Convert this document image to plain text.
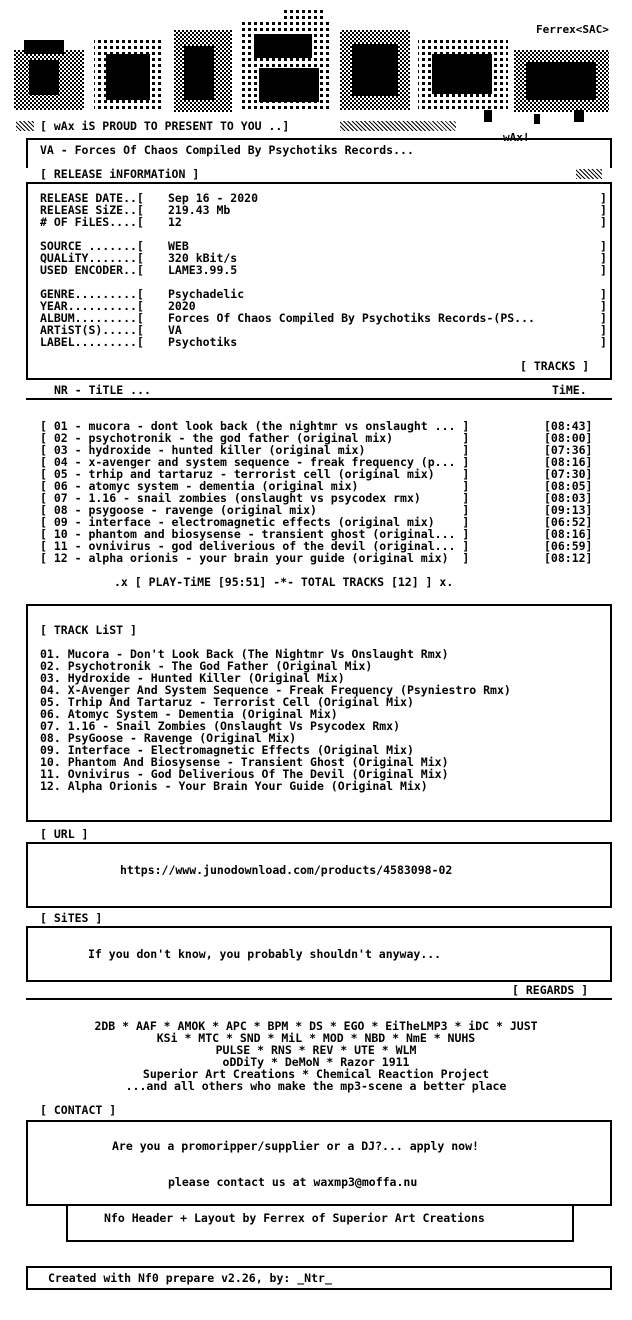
Ferrex<SAC>
[ wAx iS PROUD TO PRESENT TO YOU ..]
wAx!
VA - Forces Of Chaos Compiled By Psychotiks Records...
[ RELEASE iNFORMATiON ]
RELEASE DATE..[ Sep 16 - 2020	]
RELEASE SiZE..[ 219.43 Mb	]
# OF FiLES....[ 12	]
SOURCE .......[ WEB	]
QUALiTY.......[ 320 kBit/s	]
USED ENCODER..[ LAME3.99.5	]
GENRE.........[ Psychadelic	]
YEAR..........[ 2020	]
ALBUM.........[ Forces Of Chaos Compiled By Psychotiks Records-(PS...	]
ARTiST(S).....[ VA	]
LABEL.........[ Psychotiks	]
[ TRACKS ]
NR - TiTLE ...	TiME.
[ 01 - mucora - dont look back (the nightmr vs onslaught ... ]	[08:43]
[ 02 - psychotronik - the god father (original mix)          ]	[08:00]
[ 03 - hydroxide - hunted killer (original mix)              ]	[07:36]
[ 04 - x-avenger and system sequence - freak frequency (p... ]	[08:16]
[ 05 - trhip and tartaruz - terrorist cell (original mix)    ]	[07:30]
[ 06 - atomyc system - dementia (original mix)               ]	[08:05]
[ 07 - 1.16 - snail zombies (onslaught vs psycodex rmx)      ]	[08:03]
[ 08 - psygoose - ravenge (original mix)                     ]	[09:13]
[ 09 - interface - electromagnetic effects (original mix)    ]	[06:52]
[ 10 - phantom and biosysense - transient ghost (original... ]	[08:16]
[ 11 - ovnivirus - god deliverious of the devil (original... ]	[06:59]
[ 12 - alpha orionis - your brain your guide (original mix)  ]	[08:12]
.x [ PLAY-TiME [95:51] -*- TOTAL TRACKS [12] ] x.
[ TRACK LiST ]
01. Mucora - Don't Look Back (The Nightmr Vs Onslaught Rmx)
02. Psychotronik - The God Father (Original Mix)
03. Hydroxide - Hunted Killer (Original Mix)
04. X-Avenger And System Sequence - Freak Frequency (Psyniestro Rmx)
05. Trhip And Tartaruz - Terrorist Cell (Original Mix)
06. Atomyc System - Dementia (Original Mix)
07. 1.16 - Snail Zombies (Onslaught Vs Psycodex Rmx)
08. PsyGoose - Ravenge (Original Mix)
09. Interface - Electromagnetic Effects (Original Mix)
10. Phantom And Biosysense - Transient Ghost (Original Mix)
11. Ovnivirus - God Deliverious Of The Devil (Original Mix)
12. Alpha Orionis - Your Brain Your Guide (Original Mix)
[ URL ]
https://www.junodownload.com/products/4583098-02
[ SiTES ]
If you don't know, you probably shouldn't anyway...
[ REGARDS ]
2DB * AAF * AMOK * APC * BPM * DS * EGO * EiTheLMP3 * iDC * JUST
KSi * MTC * SND * MiL * MOD * NBD * NmE * NUHS
PULSE * RNS * REV * UTE * WLM
oDDiTy * DeMoN * Razor 1911
Superior Art Creations * Chemical Reaction Project
...and all others who make the mp3-scene a better place
[ CONTACT ]
Are you a promoripper/supplier or a DJ?... apply now!
please contact us at waxmp3@moffa.nu
Nfo Header + Layout by Ferrex of Superior Art Creations
Created with Nf0 prepare v2.26, by: _Ntr_
